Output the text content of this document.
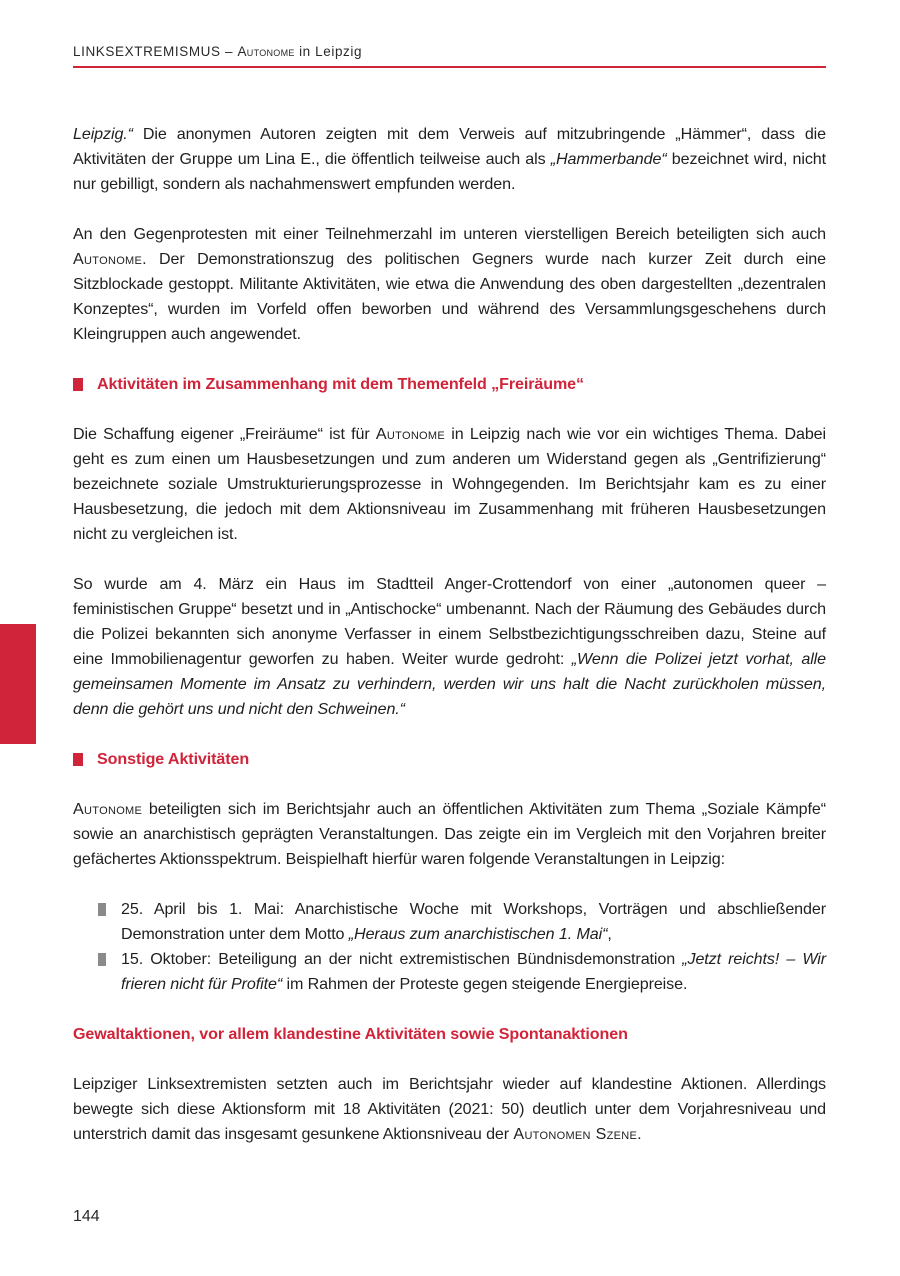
LINKSEXTREMISMUS – Autonome in Leipzig

Leipzig.“ Die anonymen Autoren zeigten mit dem Verweis auf mitzubringende „Hämmer“, dass die Aktivitäten der Gruppe um Lina E., die öffentlich teilweise auch als „Hammerbande“ bezeichnet wird, nicht nur gebilligt, sondern als nachahmenswert empfunden werden.

An den Gegenprotesten mit einer Teilnehmerzahl im unteren vierstelligen Bereich beteiligten sich auch Autonome. Der Demonstrationszug des politischen Gegners wurde nach kurzer Zeit durch eine Sitzblockade gestoppt. Militante Aktivitäten, wie etwa die Anwendung des oben dargestellten „dezentralen Konzeptes“, wurden im Vorfeld offen beworben und während des Versammlungsgeschehens durch Kleingruppen auch angewendet.

Aktivitäten im Zusammenhang mit dem Themenfeld „Freiräume“

Die Schaffung eigener „Freiräume“ ist für Autonome in Leipzig nach wie vor ein wichtiges Thema. Dabei geht es zum einen um Hausbesetzungen und zum anderen um Widerstand gegen als „Gentrifizierung“ bezeichnete soziale Umstrukturierungsprozesse in Wohngegenden. Im Berichtsjahr kam es zu einer Hausbesetzung, die jedoch mit dem Aktionsniveau im Zusammenhang mit früheren Hausbesetzungen nicht zu vergleichen ist.

So wurde am 4. März ein Haus im Stadtteil Anger-Crottendorf von einer „autonomen queer – feministischen Gruppe“ besetzt und in „Antischocke“ umbenannt. Nach der Räumung des Gebäudes durch die Polizei bekannten sich anonyme Verfasser in einem Selbstbezichtigungsschreiben dazu, Steine auf eine Immobilienagentur geworfen zu haben. Weiter wurde gedroht: „Wenn die Polizei jetzt vorhat, alle gemeinsamen Momente im Ansatz zu verhindern, werden wir uns halt die Nacht zurückholen müssen, denn die gehört uns und nicht den Schweinen.“

Sonstige Aktivitäten

Autonome beteiligten sich im Berichtsjahr auch an öffentlichen Aktivitäten zum Thema „Soziale Kämpfe“ sowie an anarchistisch geprägten Veranstaltungen. Das zeigte ein im Vergleich mit den Vorjahren breiter gefächertes Aktionsspektrum. Beispielhaft hierfür waren folgende Veranstaltungen in Leipzig:

25. April bis 1. Mai: Anarchistische Woche mit Workshops, Vorträgen und abschließender Demonstration unter dem Motto „Heraus zum anarchistischen 1. Mai“,
15. Oktober: Beteiligung an der nicht extremistischen Bündnisdemonstration „Jetzt reichts! – Wir frieren nicht für Profite“ im Rahmen der Proteste gegen steigende Energiepreise.
Gewaltaktionen, vor allem klandestine Aktivitäten sowie Spontanaktionen

Leipziger Linksextremisten setzten auch im Berichtsjahr wieder auf klandestine Aktionen. Allerdings bewegte sich diese Aktionsform mit 18 Aktivitäten (2021: 50) deutlich unter dem Vorjahresniveau und unterstrich damit das insgesamt gesunkene Aktionsniveau der Autonomen Szene.

144
